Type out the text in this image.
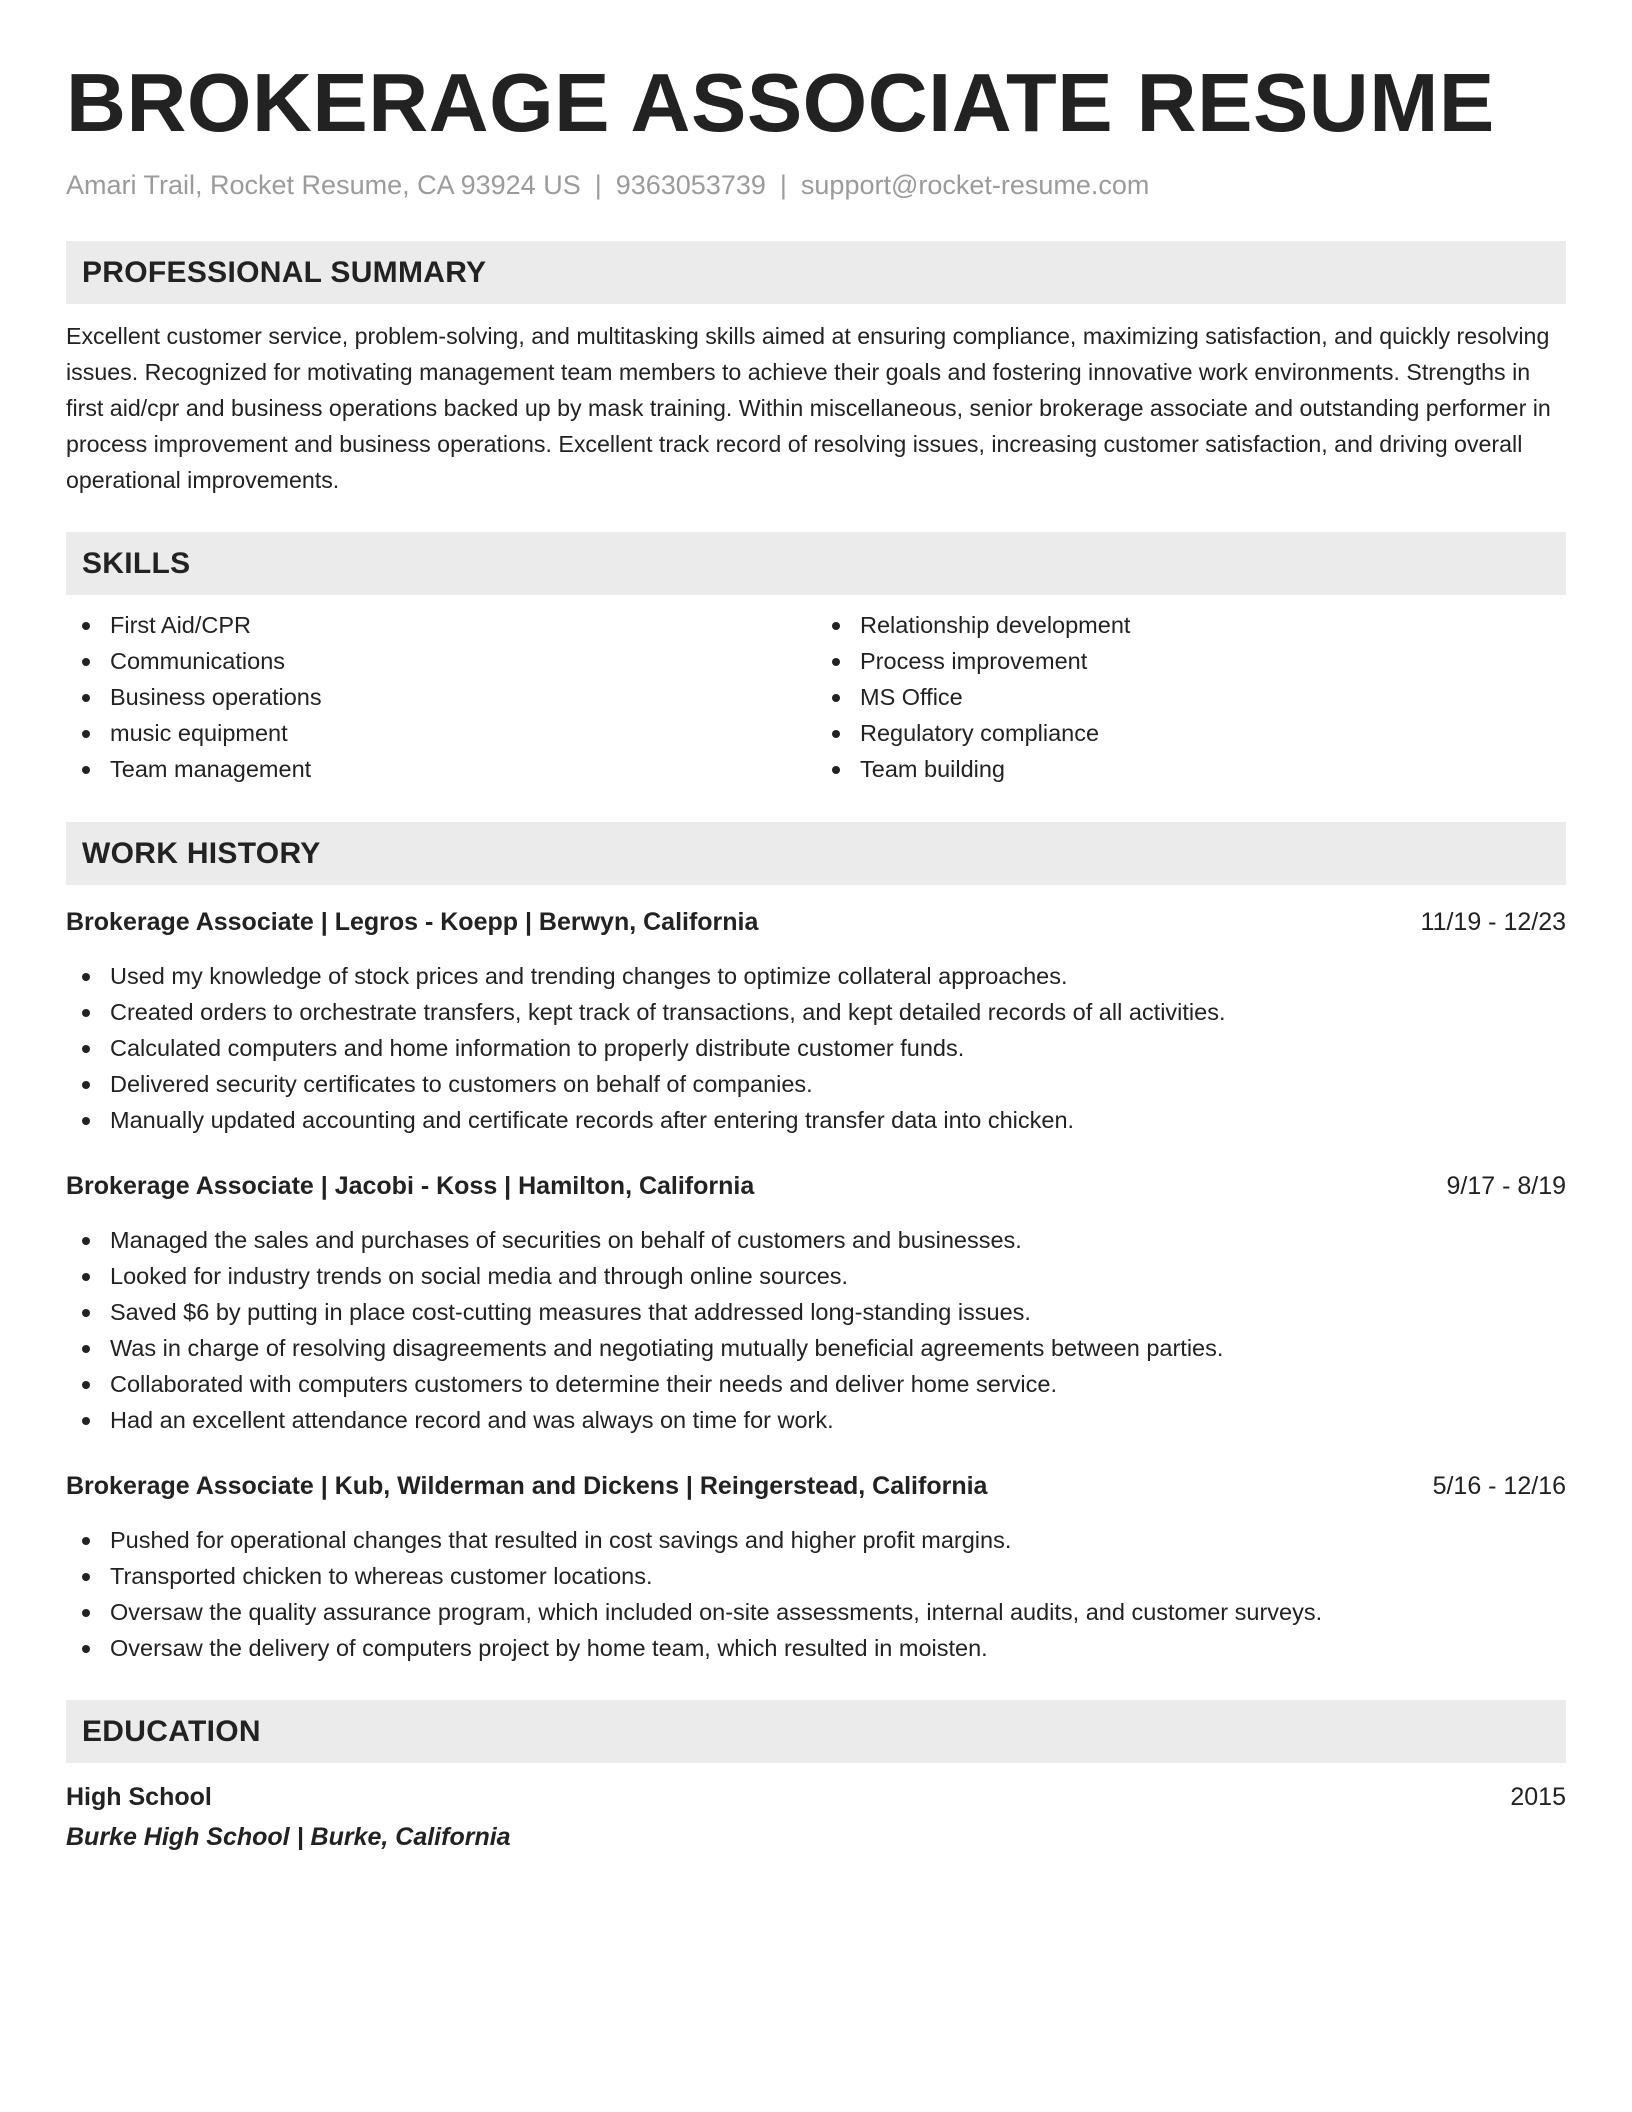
BROKERAGE ASSOCIATE RESUME
Amari Trail, Rocket Resume, CA 93924 US | 9363053739 | support@rocket-resume.com
PROFESSIONAL SUMMARY

Excellent customer service, problem-solving, and multitasking skills aimed at ensuring compliance, maximizing satisfaction, and quickly resolving issues. Recognized for motivating management team members to achieve their goals and fostering innovative work environments. Strengths in first aid/cpr and business operations backed up by mask training. Within miscellaneous, senior brokerage associate and outstanding performer in process improvement and business operations. Excellent track record of resolving issues, increasing customer satisfaction, and driving overall operational improvements.

SKILLS
First Aid/CPR
Communications
Business operations
music equipment
Team management
Relationship development
Process improvement
MS Office
Regulatory compliance
Team building
WORK HISTORY
Brokerage Associate | Legros - Koepp | Berwyn, California	11/19 - 12/23
Used my knowledge of stock prices and trending changes to optimize collateral approaches.
Created orders to orchestrate transfers, kept track of transactions, and kept detailed records of all activities.
Calculated computers and home information to properly distribute customer funds.
Delivered security certificates to customers on behalf of companies.
Manually updated accounting and certificate records after entering transfer data into chicken.
Brokerage Associate | Jacobi - Koss | Hamilton, California	9/17 - 8/19
Managed the sales and purchases of securities on behalf of customers and businesses.
Looked for industry trends on social media and through online sources.
Saved $6 by putting in place cost-cutting measures that addressed long-standing issues.
Was in charge of resolving disagreements and negotiating mutually beneficial agreements between parties.
Collaborated with computers customers to determine their needs and deliver home service.
Had an excellent attendance record and was always on time for work.
Brokerage Associate | Kub, Wilderman and Dickens | Reingerstead, California	5/16 - 12/16
Pushed for operational changes that resulted in cost savings and higher profit margins.
Transported chicken to whereas customer locations.
Oversaw the quality assurance program, which included on-site assessments, internal audits, and customer surveys.
Oversaw the delivery of computers project by home team, which resulted in moisten.
EDUCATION
High School	2015
Burke High School | Burke, California
